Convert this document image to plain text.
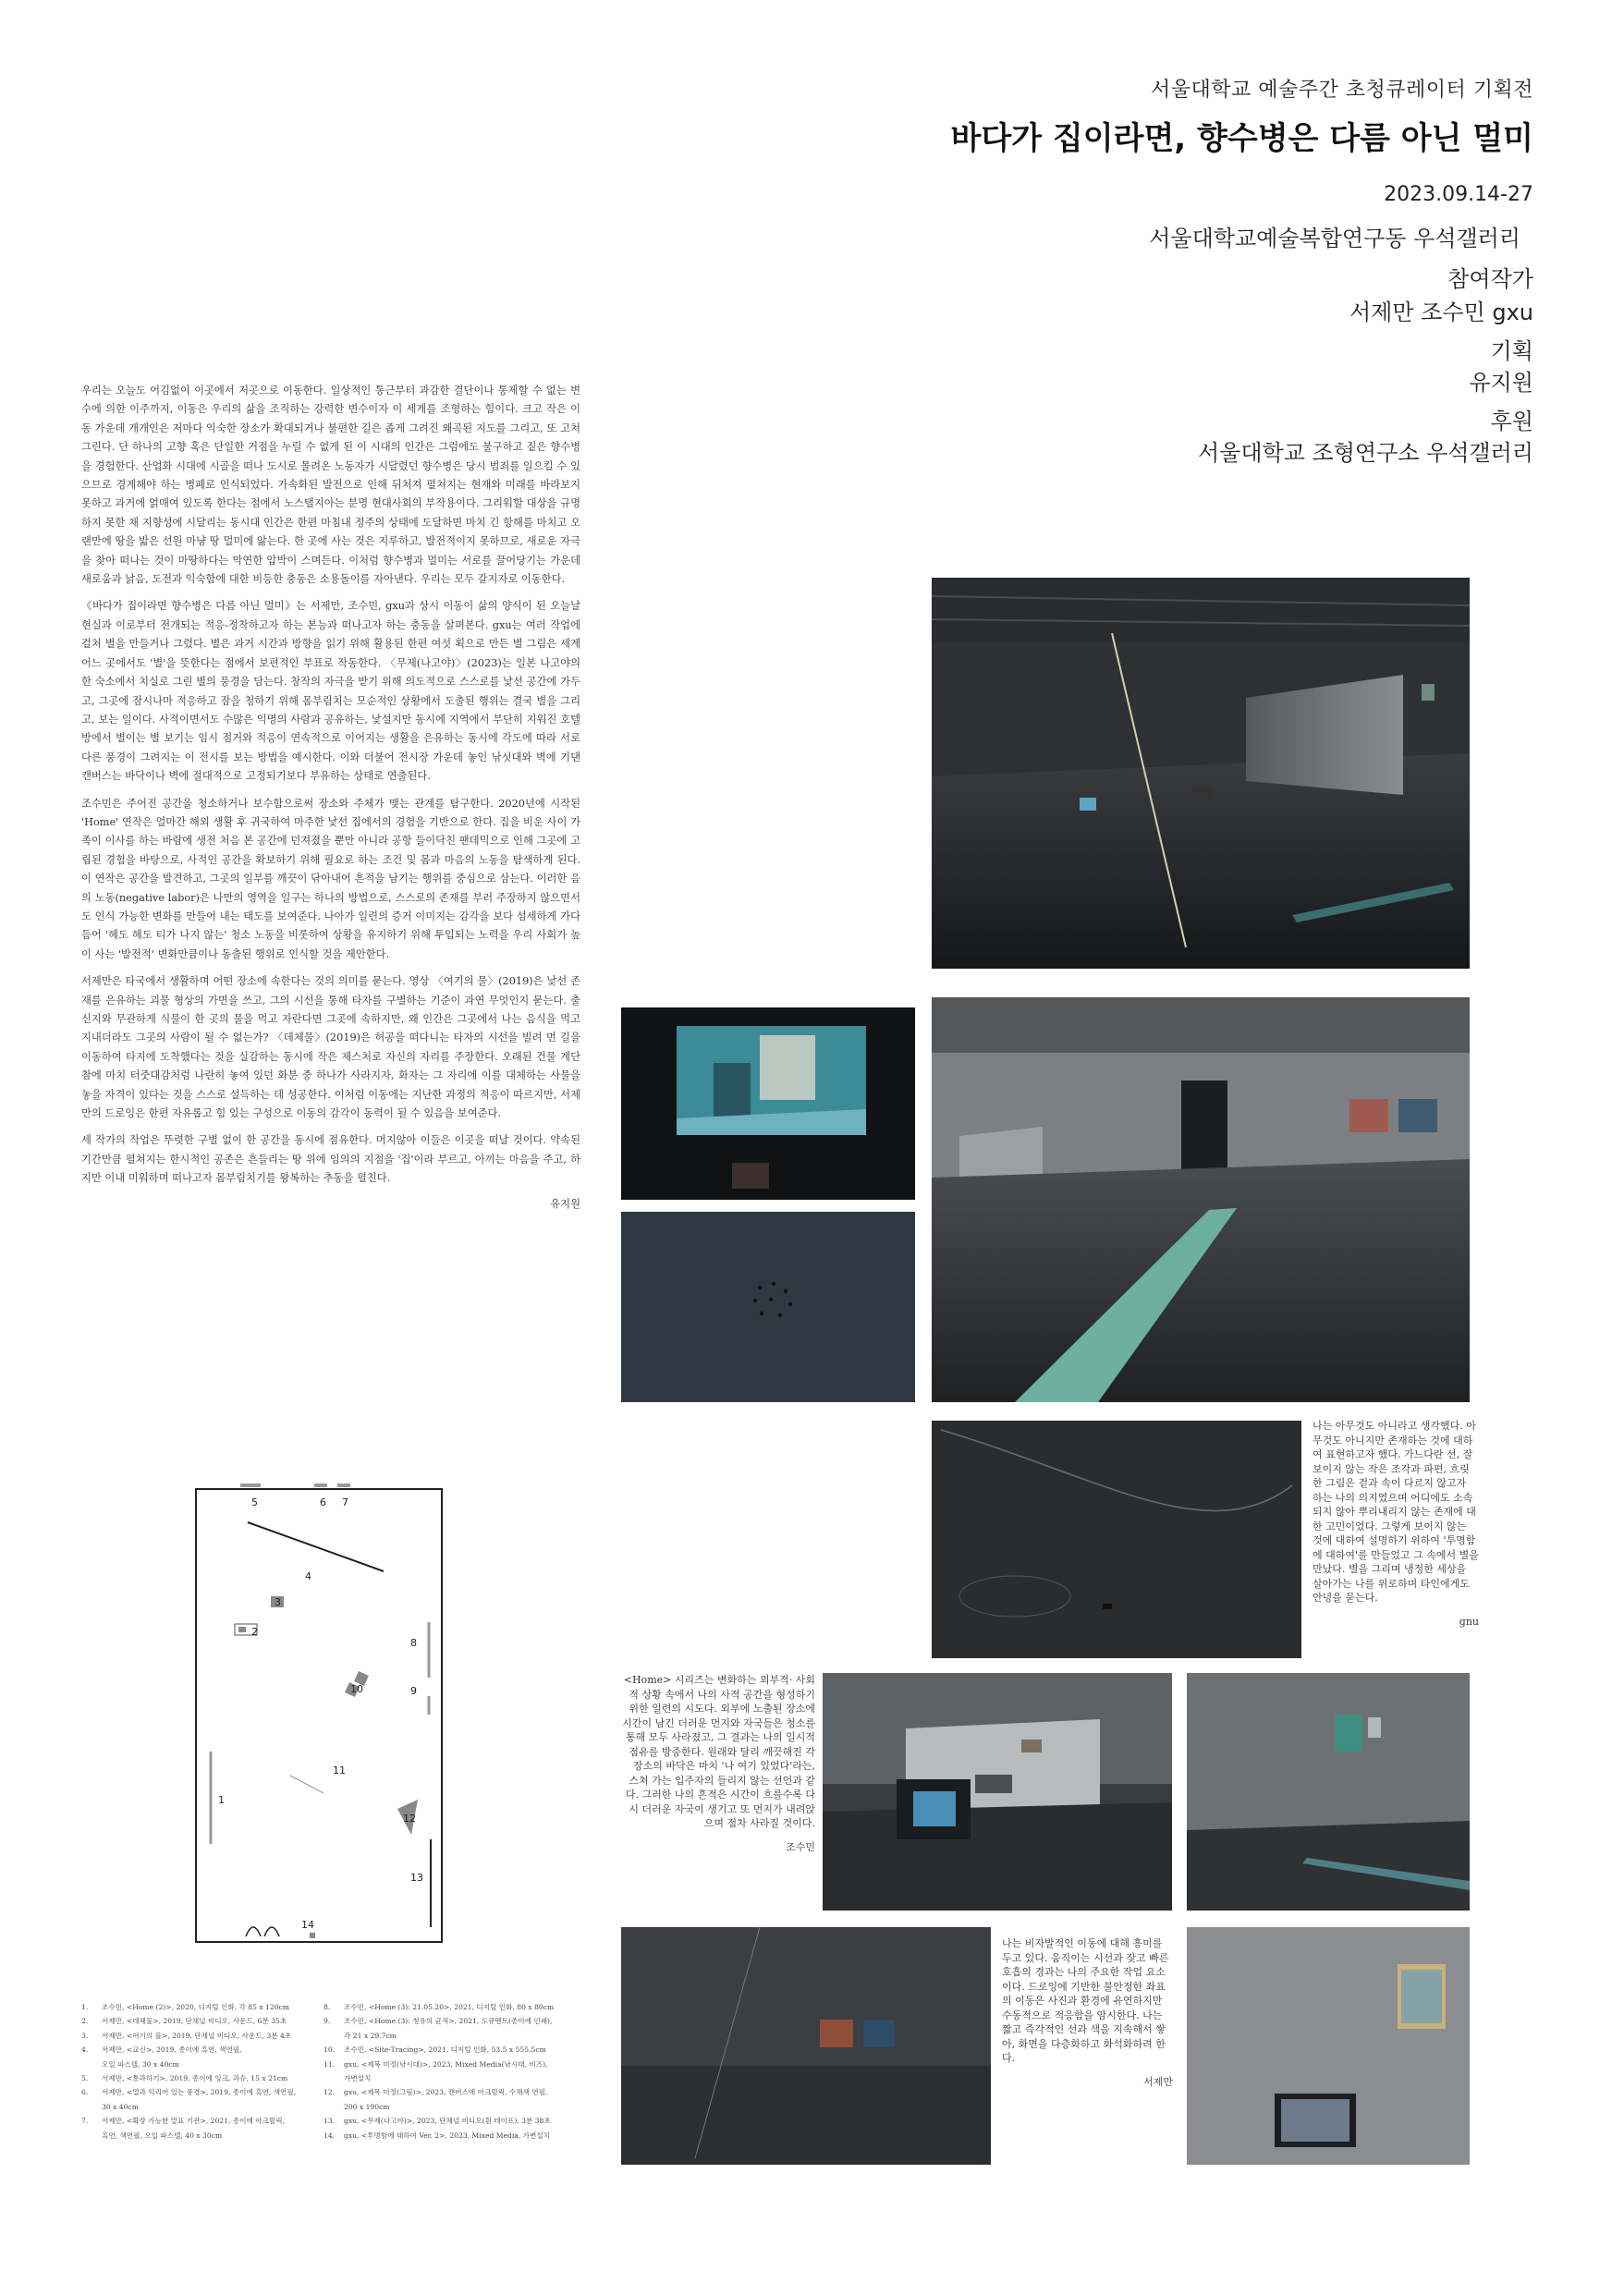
서울대학교 예술주간 초청큐레이터 기획전
바다가 집이라면, 향수병은 다름 아닌 멀미
2023.09.14-27
서울대학교예술복합연구동 우석갤러리
참여작가
서제만 조수민 gxu
기획
유지원
후원
서울대학교 조형연구소 우석갤러리

우리는 오늘도 어김없이 이곳에서 저곳으로 이동한다. 일상적인 통근부터 과감한 결단이나 통제할 수 없는 변수에 의한 이주까지, 이동은 우리의 삶을 조직하는 강력한 변수이자 이 세계를 조형하는 힘이다. 크고 작은 이동 가운데 개개인은 저마다 익숙한 장소가 확대되거나 불편한 길은 좁게 그려진 왜곡된 지도를 그리고, 또 고쳐 그린다. 단 하나의 고향 혹은 단일한 거점을 누릴 수 없게 된 이 시대의 인간은 그럼에도 불구하고 짙은 향수병을 경험한다. 산업화 시대에 시골을 떠나 도시로 몰려온 노동자가 시달렸던 향수병은 당시 범죄를 일으킬 수 있으므로 경계해야 하는 병폐로 인식되었다. 가속화된 발전으로 인해 뒤처져 펼쳐지는 현재와 미래를 바라보지 못하고 과거에 얽매여 있도록 한다는 점에서 노스탤지아는 분명 현대사회의 부작용이다. 그리워할 대상을 규명하지 못한 채 지향성에 시달리는 동시대 인간은 한편 마침내 정주의 상태에 도달하면 마치 긴 항해를 마치고 오랜만에 땅을 밟은 선원 마냥 땅 멀미에 앓는다. 한 곳에 사는 것은 지루하고, 발전적이지 못하므로, 새로운 자극을 찾아 떠나는 것이 마땅하다는 막연한 압박이 스며든다. 이처럼 향수병과 멀미는 서로를 끌어당기는 가운데 새로움과 낡음, 도전과 익숙함에 대한 비등한 충동은 소용돌이를 자아낸다. 우리는 모두 갈지자로 이동한다.

《바다가 집이라면 향수병은 다름 아닌 멀미》는 서제만, 조수민, gxu과 상시 이동이 삶의 양식이 된 오늘날 현실과 이로부터 전개되는 적응-정착하고자 하는 본능과 떠나고자 하는 충동을 살펴본다. gxu는 여러 작업에 걸쳐 별을 만들거나 그렸다. 별은 과거 시간과 방향을 읽기 위해 활용된 한편 여섯 획으로 만든 별 그림은 세계 어느 곳에서도 '별'을 뜻한다는 점에서 보편적인 부표로 작동한다. 〈무제(나고야)〉(2023)는 일본 나고야의 한 숙소에서 치실로 그린 별의 풍경을 담는다. 창작의 자극을 받기 위해 의도적으로 스스로를 낯선 공간에 가두고, 그곳에 잠시나마 적응하고 잠을 청하기 위해 몸부림치는 모순적인 상황에서 도출된 행위는 결국 별을 그리고, 보는 일이다. 사적이면서도 수많은 익명의 사람과 공유하는, 낯설지만 동시에 지역에서 부단히 지워진 호텔 방에서 별이는 별 보기는 임시 점거와 적응이 연속적으로 이어지는 생활을 은유하는 동시에 각도에 따라 서로 다른 풍경이 그려지는 이 전시를 보는 방법을 예시한다. 이와 더불어 전시장 가운데 놓인 낚싯대와 벽에 기댄 캔버스는 바닥이나 벽에 절대적으로 고정되기보다 부유하는 상태로 연출된다.

조수민은 주어진 공간을 청소하거나 보수함으로써 장소와 주체가 맺는 관계를 탐구한다. 2020년에 시작된 'Home' 연작은 얼마간 해외 생활 후 귀국하여 마주한 낯선 집에서의 경험을 기반으로 한다. 집을 비운 사이 가족이 이사를 하는 바람에 생전 처음 본 공간에 던져졌을 뿐만 아니라 공항 들이닥친 팬데믹으로 인해 그곳에 고립된 경험을 바탕으로, 사적인 공간을 확보하기 위해 필요로 하는 조건 및 몸과 마음의 노동을 탐색하게 된다. 이 연작은 공간을 발견하고, 그곳의 일부를 깨끗이 닦아내어 흔적을 남기는 행위를 중심으로 삼는다. 이러한 음의 노동(negative labor)은 나만의 영역을 일구는 하나의 방법으로, 스스로의 존재를 부러 주장하지 않으면서도 인식 가능한 변화를 만들어 내는 태도를 보여준다. 나아가 일련의 증거 이미지는 감각을 보다 섬세하게 가다듬어 '헤도 헤도 티가 나지 않는' 청소 노동을 비롯하여 상황을 유지하기 위해 투입되는 노력을 우리 사회가 높이 사는 '발전적' 변화만큼이나 동출된 행위로 인식할 것을 제안한다.

서제만은 타국에서 생활하며 어떤 장소에 속한다는 것의 의미를 묻는다. 영상 〈여기의 물〉(2019)은 낯선 존재를 은유하는 괴물 형상의 가면을 쓰고, 그의 시선을 통해 타자를 구별하는 기준이 과연 무엇인지 묻는다. 출신지와 무관하게 식물이 한 곳의 물을 먹고 자란다면 그곳에 속하지만, 왜 인간은 그곳에서 나는 음식을 먹고 지내더라도 그곳의 사람이 될 수 없는가? 〈데체물〉(2019)은 허공을 떠다니는 타자의 시선을 빌려 먼 길을 이동하여 타지에 도착했다는 것을 실감하는 동시에 작은 제스처로 자신의 자리를 주장한다. 오래된 건물 계단참에 마치 터줏대감처럼 나란히 놓여 있던 화분 중 하나가 사라지자, 화자는 그 자리에 이를 대체하는 사물을 놓을 자격이 있다는 것을 스스로 설득하는 데 성공한다. 이처럼 이동에는 지난한 과정의 적응이 따르지만, 서제만의 드로잉은 한편 자유롭고 힘 있는 구성으로 이동의 감각이 동력이 될 수 있음을 보여준다.

세 작가의 작업은 뚜렷한 구별 없이 한 공간을 동시에 점유한다. 머지않아 이들은 이곳을 떠날 것이다. 약속된 기간만큼 펼쳐지는 한시적인 공존은 흔들리는 땅 위에 임의의 지점을 '집'이라 부르고, 아끼는 마음을 주고, 하지만 이내 미워하며 떠나고자 몸부림치기를 왕복하는 추동을 펼친다.

유지원
나는 아무것도 아니라고 생각했다. 아무것도 아니지만 존재하는 것에 대하여 표현하고자 했다. 가느다란 선, 잘 보이지 않는 작은 조각과 파편, 흐릿한 그림은 겉과 속이 다르지 않고자 하는 나의 의지였으며 어디에도 소속되지 않아 뿌리내리지 않는 존재에 대한 고민이었다. 그렇게 보이지 않는 것에 대하여 설명하기 위하여 '투명함에 대하여'를 만들었고 그 속에서 별을 만났다. 별을 그리며 냉정한 세상을 살아가는 나를 위로하며 타인에게도 안녕을 묻는다.
gnu
<Home> 시리즈는 변화하는 외부적· 사회적 상황 속에서 나의 사적 공간을 형성하기 위한 일련의 시도다. 외부에 노출된 장소에 시간이 남긴 더러운 먼지와 자국들은 청소를 통해 모두 사라졌고, 그 결과는 나의 일시적 점유를 방증한다. 원래와 달리 깨끗해진 각 장소의 바닥은 마치 '나 여기 있었다'라는, 스쳐 가는 입주자의 들리지 않는 선언과 같다. 그러한 나의 흔적은 시간이 흐를수록 다시 더러운 자국이 생기고 또 먼지가 내려앉으며 점차 사라질 것이다.
조수민
나는 비자발적인 이동에 대해 흥미를 두고 있다. 움직이는 시선과 잦고 빠른 호흡의 경과는 나의 주요한 작업 요소이다. 드로잉에 기반한 불안정한 좌표의 이동은 사진과 환경에 유연하지만 수동적으로 적응함을 암시한다. 나는 짧고 즉각적인 선과 색을 지속해서 쌓아, 화면을 다층화하고 화석화하려 한다.
서제만
5	6 7
4
3
2
8
9
10
11
1
12
13
14
1. 조수민, <Home (2)>, 2020, 디지털 인화, 각 85 x 120cm
2. 서제만, <데체물>, 2019, 단채널 비디오, 사운드, 6분 35초
3. 서제만, <여기의 물>, 2019, 단채널 비디오, 사운드, 3분 4초
4. 서제만, <교신>, 2019, 종이에 흑연, 색연필,
오일 파스텔, 30 x 40cm
5. 서제만, <통과하기>, 2019, 종이에 잉크, 과슈, 15 x 21cm
6. 서제만, <멀과 익리어 있는 풍경>, 2019, 종이에 흑연, 색연필,
30 x 40cm
7. 서제만, <확장 가능한 말표 기관>, 2021, 종이에 아크릴릭,
흑연, 색연필, 오일 파스텔, 40 x 30cm
8. 조수민, <Home (3): 21.05.20>, 2021, 디지털 인화, 80 x 80cm
9. 조수민, <Home (3): 청유의 균적>, 2021, 도큐멘트(종이에 인쇄),
각 21 x 29.7cm
10. 조수민, <Site-Tracing>, 2021, 디지털 인화, 53.5 x 555.5cm
11. gxu, <제복 미정(낚시대)>, 2023, Mixed Media(낚시대, 비즈),
가변설치
12. gxu, <제목 미정(그림)>, 2023, 캔버스에 아크릴릭, 수채색 연필,
200 x 190cm
13. gxu, <무제(나고야)>, 2023, 단채널 비디오(흰 테이프), 3분 38초
14. gxu, <투명함에 대하여 Ver. 2>, 2023, Mixed Media, 가변설치
